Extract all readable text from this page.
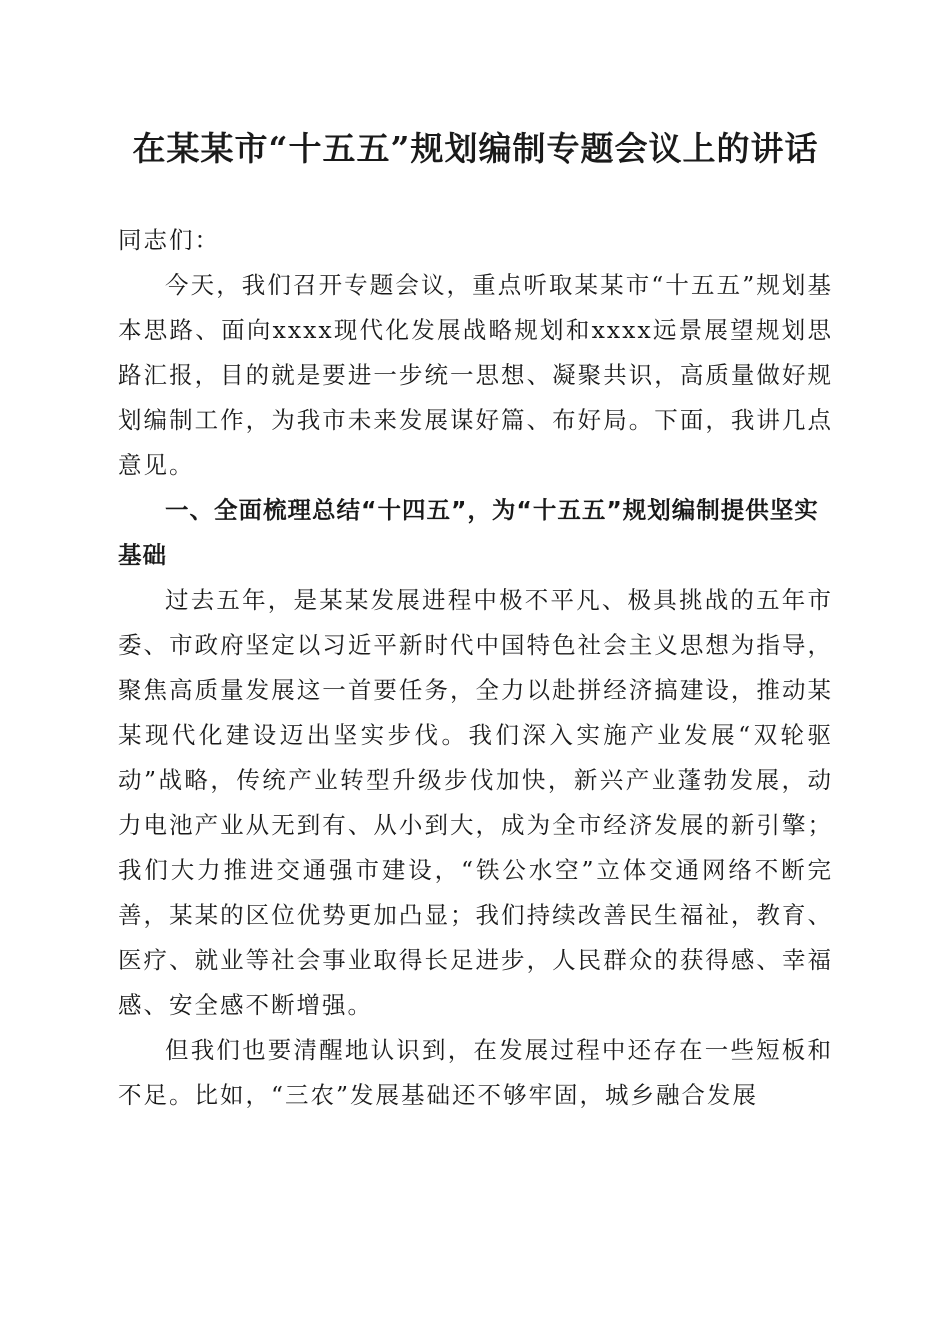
在某某市“十五五”规划编制专题会议上的讲话

同志们：

今天，我们召开专题会议，重点听取某某市“十五五”规划基本思路、面向xxxx现代化发展战略规划和xxxx远景展望规划思路汇报，目的就是要进一步统一思想、凝聚共识，高质量做好规划编制工作，为我市未来发展谋好篇、布好局。下面，我讲几点意见。

一、全面梳理总结“十四五”，为“十五五”规划编制提供坚实基础

过去五年，是某某发展进程中极不平凡、极具挑战的五年市委、市政府坚定以习近平新时代中国特色社会主义思想为指导，聚焦高质量发展这一首要任务，全力以赴拼经济搞建设，推动某某现代化建设迈出坚实步伐。我们深入实施产业发展“双轮驱动”战略，传统产业转型升级步伐加快，新兴产业蓬勃发展，动力电池产业从无到有、从小到大，成为全市经济发展的新引擎；我们大力推进交通强市建设，“铁公水空”立体交通网络不断完善，某某的区位优势更加凸显；我们持续改善民生福祉，教育、医疗、就业等社会事业取得长足进步，人民群众的获得感、幸福感、安全感不断增强。

但我们也要清醒地认识到，在发展过程中还存在一些短板和不足。比如，“三农”发展基础还不够牢固，城乡融合发展
